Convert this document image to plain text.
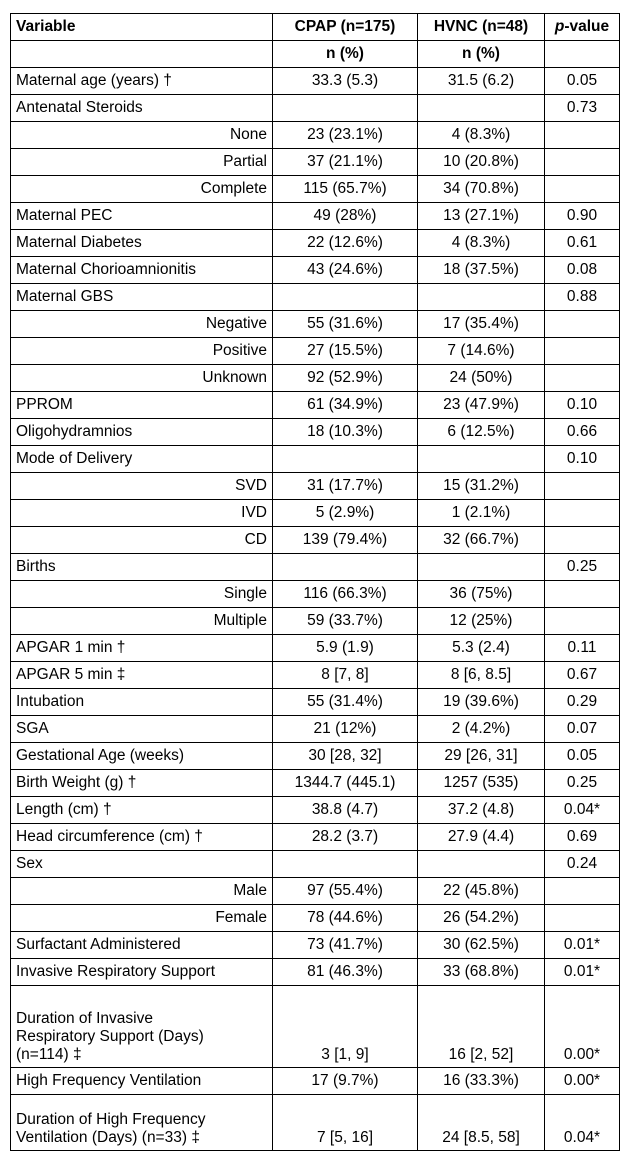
Variable	CPAP (n=175)	HVNC (n=48)	p-value
	n (%)	n (%)	
Maternal age (years) †	33.3 (5.3)	31.5 (6.2)	0.05
Antenatal Steroids			0.73
None	23 (23.1%)	4 (8.3%)	
Partial	37 (21.1%)	10 (20.8%)	
Complete	115 (65.7%)	34 (70.8%)	
Maternal PEC	49 (28%)	13 (27.1%)	0.90
Maternal Diabetes	22 (12.6%)	4 (8.3%)	0.61
Maternal Chorioamnionitis	43 (24.6%)	18 (37.5%)	0.08
Maternal GBS			0.88
Negative	55 (31.6%)	17 (35.4%)	
Positive	27 (15.5%)	7 (14.6%)	
Unknown	92 (52.9%)	24 (50%)	
PPROM	61 (34.9%)	23 (47.9%)	0.10
Oligohydramnios	18 (10.3%)	6 (12.5%)	0.66
Mode of Delivery			0.10
SVD	31 (17.7%)	15 (31.2%)	
IVD	5 (2.9%)	1 (2.1%)	
CD	139 (79.4%)	32 (66.7%)	
Births			0.25
Single	116 (66.3%)	36 (75%)	
Multiple	59 (33.7%)	12 (25%)	
APGAR 1 min †	5.9 (1.9)	5.3 (2.4)	0.11
APGAR 5 min ‡	8 [7, 8]	8 [6, 8.5]	0.67
Intubation	55 (31.4%)	19 (39.6%)	0.29
SGA	21 (12%)	2 (4.2%)	0.07
Gestational Age (weeks)	30 [28, 32]	29 [26, 31]	0.05
Birth Weight (g) †	1344.7 (445.1)	1257 (535)	0.25
Length (cm) †	38.8 (4.7)	37.2 (4.8)	0.04*
Head circumference (cm) †	28.2 (3.7)	27.9 (4.4)	0.69
Sex			0.24
Male	97 (55.4%)	22 (45.8%)	
Female	78 (44.6%)	26 (54.2%)	
Surfactant Administered	73 (41.7%)	30 (62.5%)	0.01*
Invasive Respiratory Support	81 (46.3%)	33 (68.8%)	0.01*

Duration of Invasive
Respiratory Support (Days)
(n=114) ‡	3 [1, 9]	16 [2, 52]	0.00*

High Frequency Ventilation	17 (9.7%)	16 (33.3%)	0.00*

Duration of High Frequency
Ventilation (Days) (n=33) ‡	7 [5, 16]	24 [8.5, 58]	0.04*
